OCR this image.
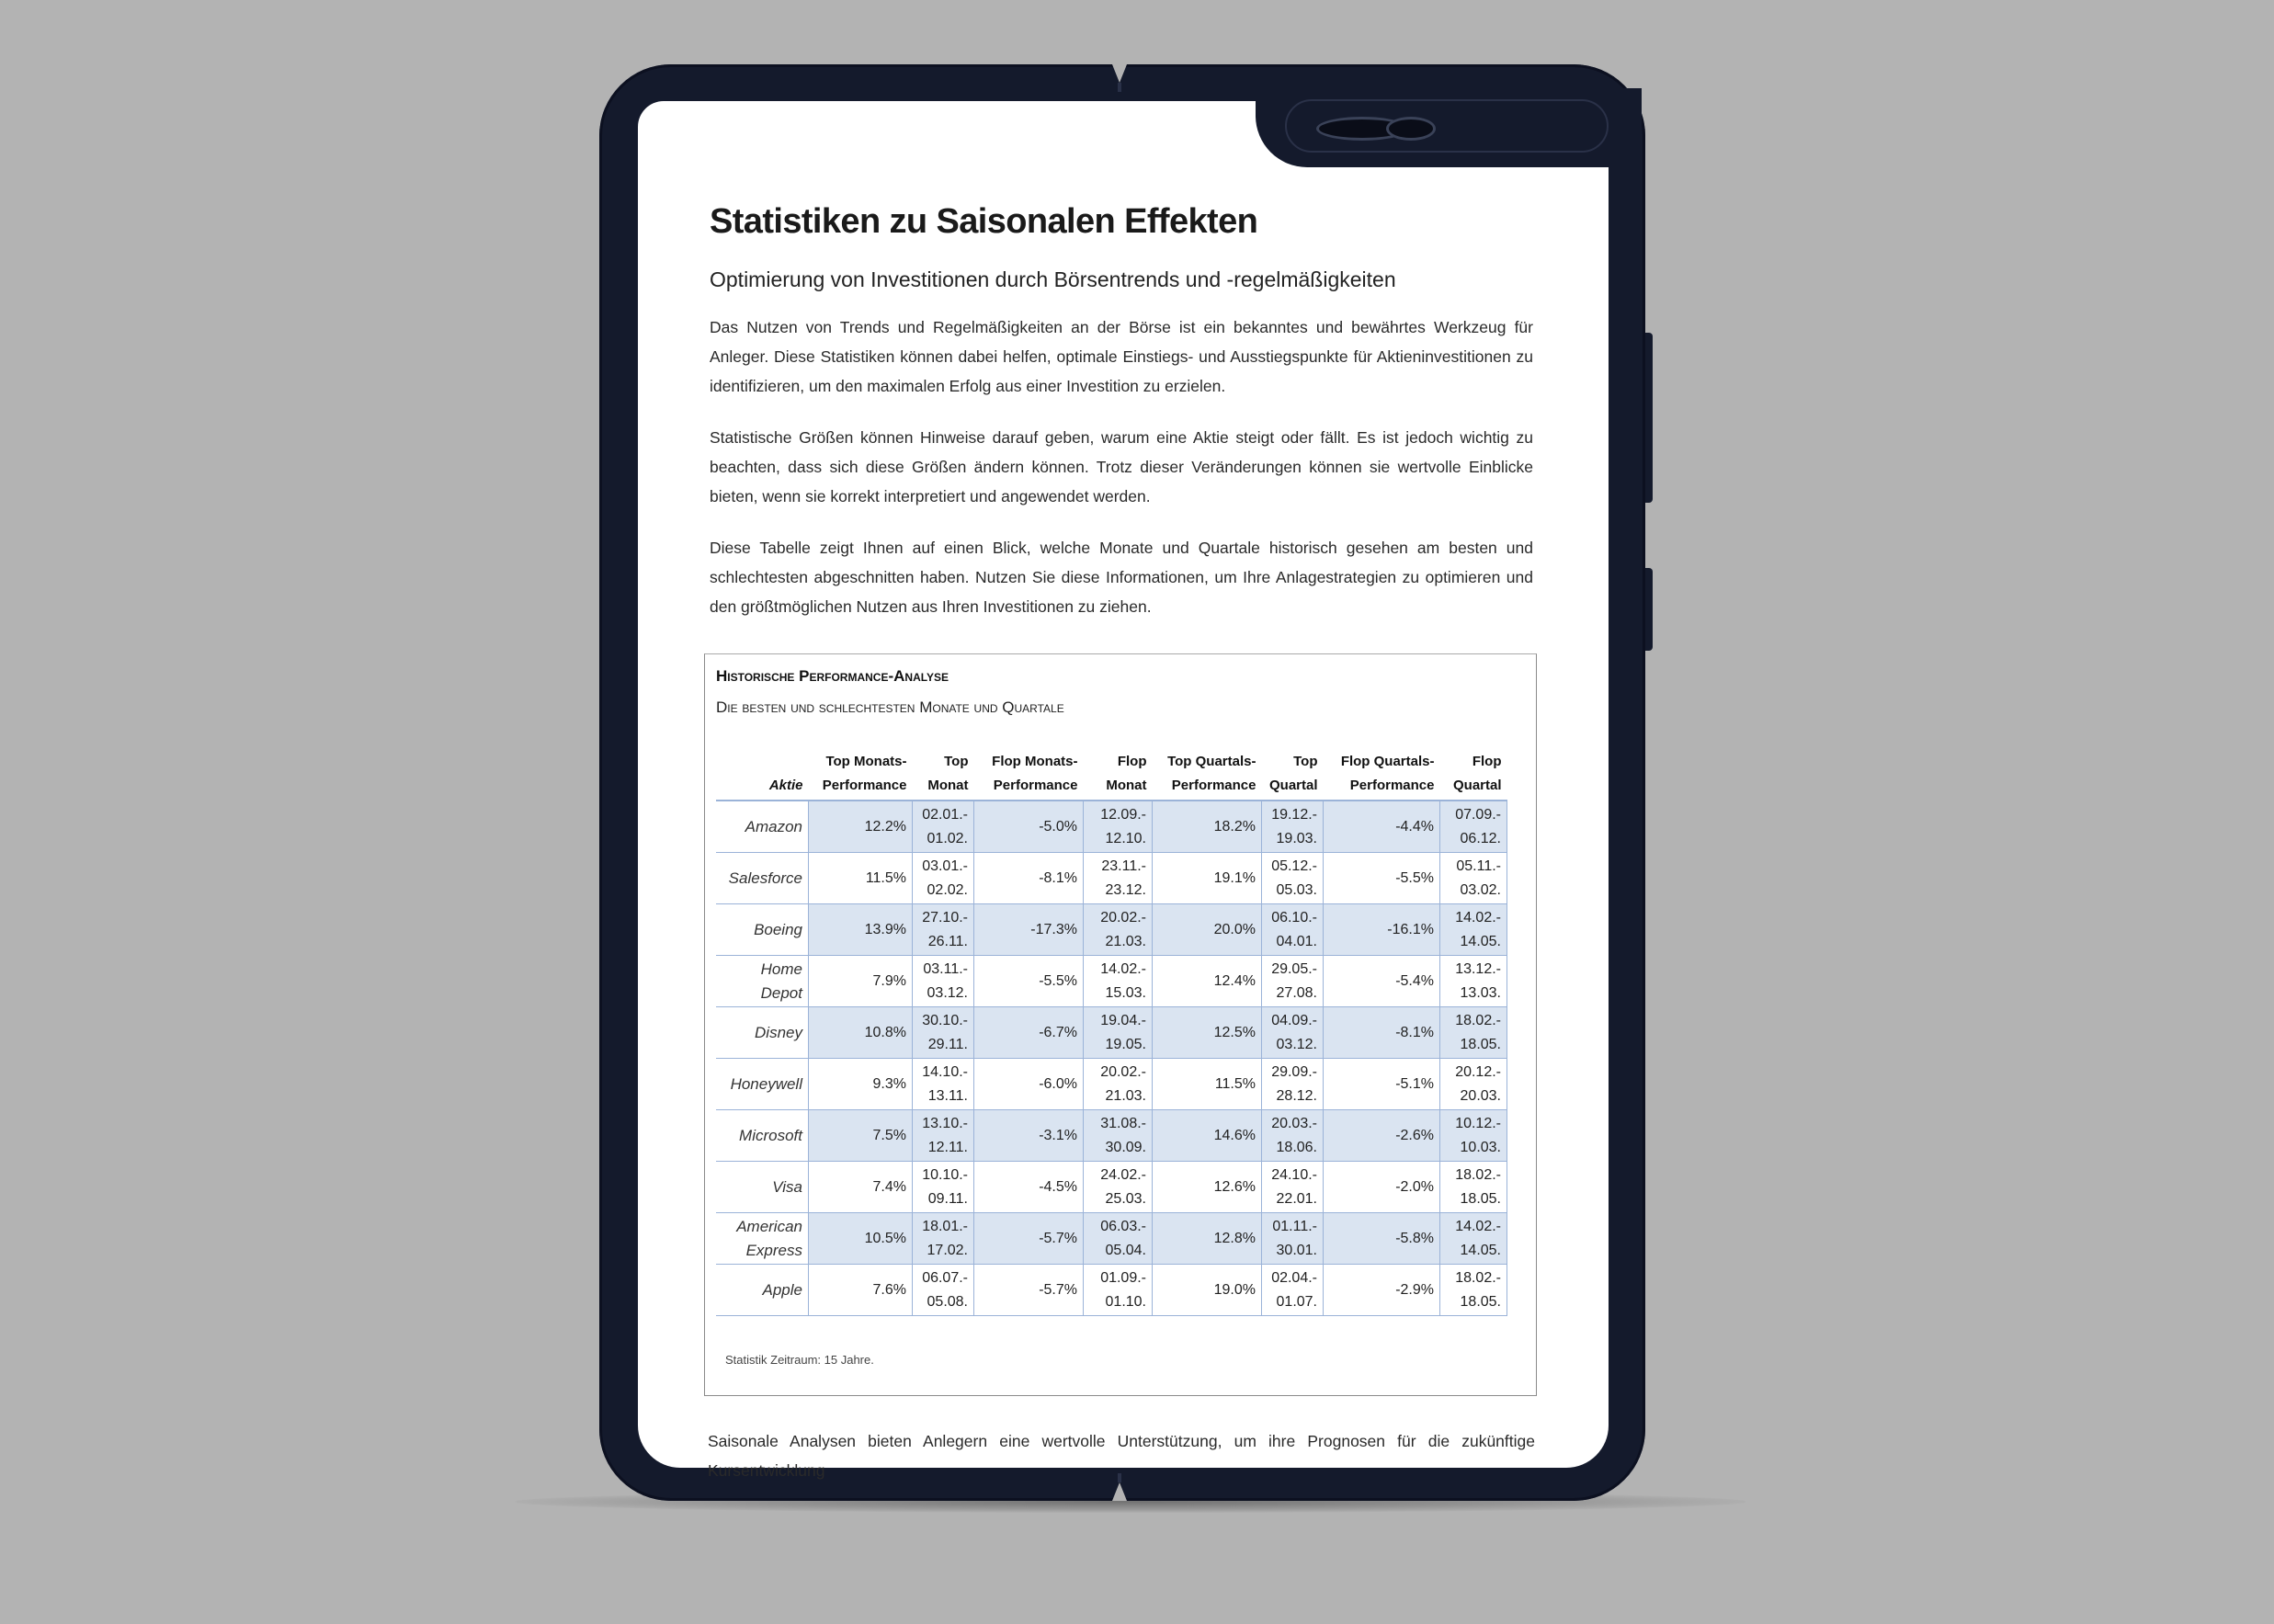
Statistiken zu Saisonalen Effekten
Optimierung von Investitionen durch Börsentrends und -regelmäßigkeiten

Das Nutzen von Trends und Regelmäßigkeiten an der Börse ist ein bekanntes und bewährtes Werkzeug für Anleger. Diese Statistiken können dabei helfen, optimale Einstiegs- und Ausstiegspunkte für Aktieninvestitionen zu identifizieren, um den maximalen Erfolg aus einer Investition zu erzielen.

Statistische Größen können Hinweise darauf geben, warum eine Aktie steigt oder fällt. Es ist jedoch wichtig zu beachten, dass sich diese Größen ändern können. Trotz dieser Veränderungen können sie wertvolle Einblicke bieten, wenn sie korrekt interpretiert und angewendet werden.

Diese Tabelle zeigt Ihnen auf einen Blick, welche Monate und Quartale historisch gesehen am besten und schlechtesten abgeschnitten haben. Nutzen Sie diese Informationen, um Ihre Anlagestrategien zu optimieren und den größtmöglichen Nutzen aus Ihren Investitionen zu ziehen.

Historische Performance-Analyse
Die besten und schlechtesten Monate und Quartale
Aktie	Top Monats- Performance	Top Monat	Flop Monats- Performance	Flop Monat	Top Quartals- Performance	Top Quartal	Flop Quartals- Performance	Flop Quartal
Amazon	12.2%	02.01.- 01.02.	-5.0%	12.09.- 12.10.	18.2%	19.12.- 19.03.	-4.4%	07.09.- 06.12.
Salesforce	11.5%	03.01.- 02.02.	-8.1%	23.11.- 23.12.	19.1%	05.12.- 05.03.	-5.5%	05.11.- 03.02.
Boeing	13.9%	27.10.- 26.11.	-17.3%	20.02.- 21.03.	20.0%	06.10.- 04.01.	-16.1%	14.02.- 14.05.
Home Depot	7.9%	03.11.- 03.12.	-5.5%	14.02.- 15.03.	12.4%	29.05.- 27.08.	-5.4%	13.12.- 13.03.
Disney	10.8%	30.10.- 29.11.	-6.7%	19.04.- 19.05.	12.5%	04.09.- 03.12.	-8.1%	18.02.- 18.05.
Honeywell	9.3%	14.10.- 13.11.	-6.0%	20.02.- 21.03.	11.5%	29.09.- 28.12.	-5.1%	20.12.- 20.03.
Microsoft	7.5%	13.10.- 12.11.	-3.1%	31.08.- 30.09.	14.6%	20.03.- 18.06.	-2.6%	10.12.- 10.03.
Visa	7.4%	10.10.- 09.11.	-4.5%	24.02.- 25.03.	12.6%	24.10.- 22.01.	-2.0%	18.02.- 18.05.
American Express	10.5%	18.01.- 17.02.	-5.7%	06.03.- 05.04.	12.8%	01.11.- 30.01.	-5.8%	14.02.- 14.05.
Apple	7.6%	06.07.- 05.08.	-5.7%	01.09.- 01.10.	19.0%	02.04.- 01.07.	-2.9%	18.02.- 18.05.
Statistik Zeitraum: 15 Jahre.
Saisonale Analysen bieten Anlegern eine wertvolle Unterstützung, um ihre Prognosen für die zukünftige Kursentwicklung
